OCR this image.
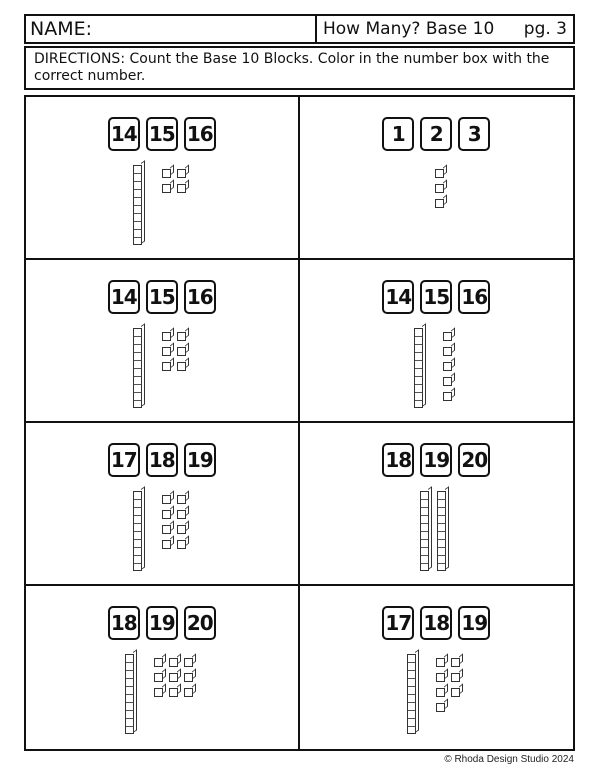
NAME:	How Many? Base 10 pg. 3
DIRECTIONS: Count the Base 10 Blocks. Color in the number box with the correct number.
14 15 16	1	2	3
14 15 16	14 15 16
17 18 19	18 19 20
18 19 20	17 18 19
© Rhoda Design Studio 2024
